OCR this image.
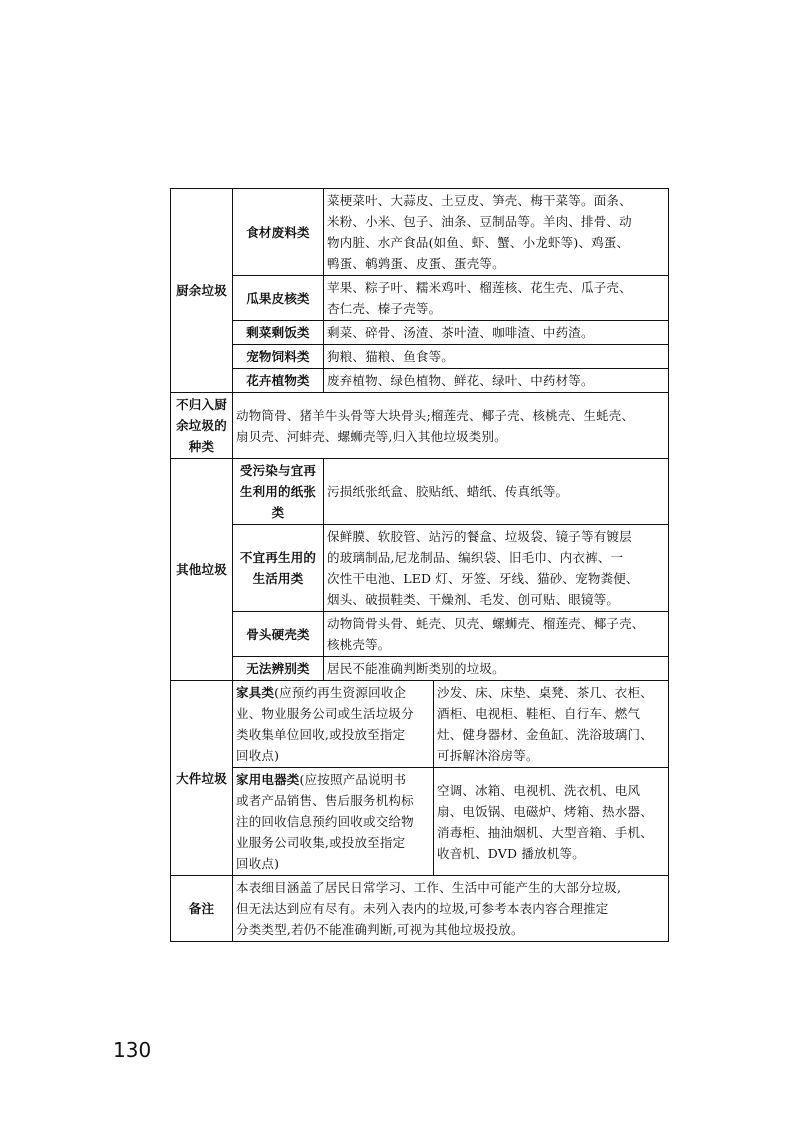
厨余垃圾	食材废料类	菜梗菜叶、大蒜皮、土豆皮、笋壳、梅干菜等。面条、
米粉、小米、包子、油条、豆制品等。羊肉、排骨、动
物内脏、水产食品(如鱼、虾、蟹、小龙虾等)、鸡蛋、
鸭蛋、鹌鹑蛋、皮蛋、蛋壳等。	

	瓜果皮核类	苹果、粽子叶、糯米鸡叶、榴莲核、花生壳、瓜子壳、
杏仁壳、榛子壳等。	

	剩菜剩饭类	剩菜、碎骨、汤渣、茶叶渣、咖啡渣、中药渣。	

	宠物饲料类	狗粮、猫粮、鱼食等。	

	花卉植物类	废弃植物、绿色植物、鲜花、绿叶、中药材等。	

不归入厨余垃圾的种类	动物筒骨、猪羊牛头骨等大块骨头;榴莲壳、椰子壳、核桃壳、生蚝壳、
扇贝壳、河蚌壳、螺蛳壳等,归入其他垃圾类别。		

其他垃圾	受污染与宜再生利用的纸张类	污损纸张纸盒、胶贴纸、蜡纸、传真纸等。	

	不宜再生用的生活用类	保鲜膜、软胶管、站污的餐盒、垃圾袋、镜子等有镀层
的玻璃制品,尼龙制品、编织袋、旧毛巾、内衣裤、一
次性干电池、LED 灯、牙签、牙线、猫砂、宠物粪便、
烟头、破损鞋类、干燥剂、毛发、创可贴、眼镜等。	

	骨头硬壳类	动物筒骨头骨、蚝壳、贝壳、螺蛳壳、榴莲壳、椰子壳、
核桃壳等。	

	无法辨别类	居民不能准确判断类别的垃圾。	

大件垃圾	家具类(应预约再生资源回收企
业、物业服务公司或生活垃圾分
类收集单位回收,或投放至指定
回收点)		沙发、床、床垫、桌凳、茶几、衣柜、
酒柜、电视柜、鞋柜、自行车、燃气
灶、健身器材、金鱼缸、洗浴玻璃门、
可拆解沐浴房等。

	家用电器类(应按照产品说明书
或者产品销售、售后服务机构标
注的回收信息预约回收或交给物
业服务公司收集,或投放至指定
回收点)		空调、冰箱、电视机、洗衣机、电风
扇、电饭锅、电磁炉、烤箱、热水器、
消毒柜、抽油烟机、大型音箱、手机、
收音机、DVD 播放机等。

备注	本表细目涵盖了居民日常学习、工作、生活中可能产生的大部分垃圾,
但无法达到应有尽有。未列入表内的垃圾,可参考本表内容合理推定
分类类型,若仍不能准确判断,可视为其他垃圾投放。		
130
